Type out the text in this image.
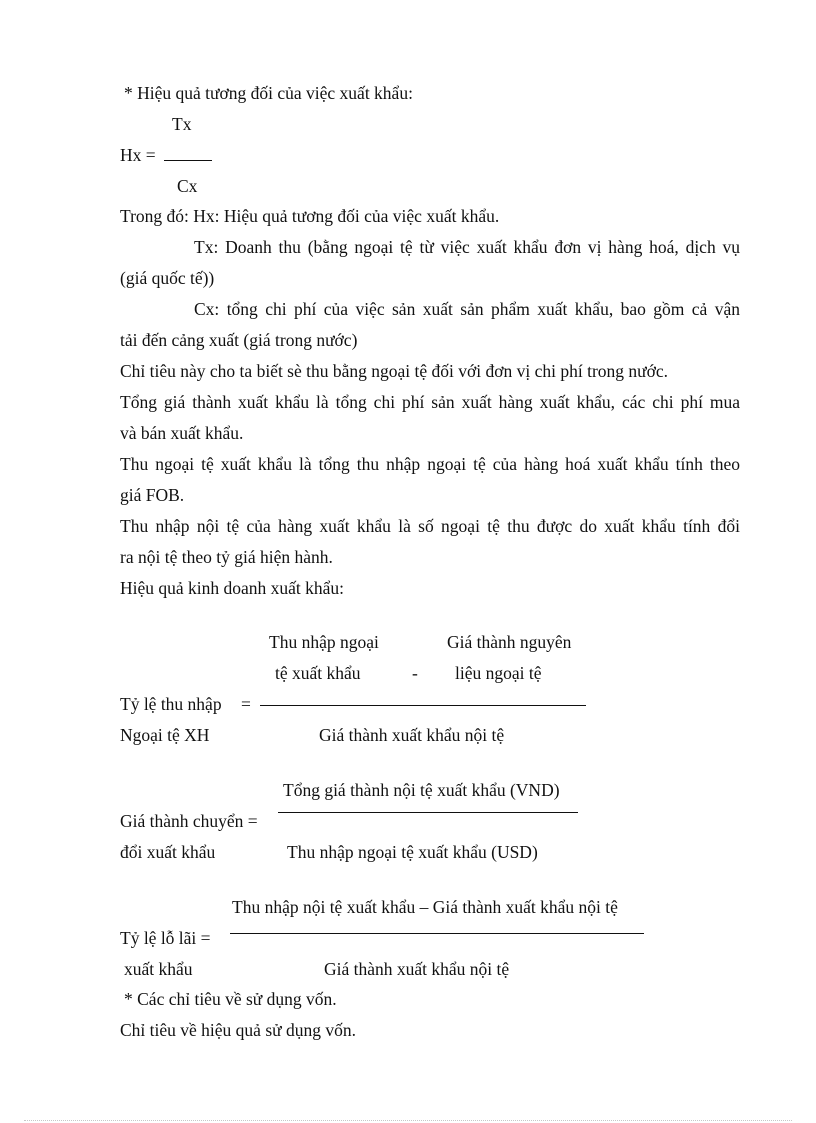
* Hiệu quả tương đối của việc xuất khẩu:
Tx
Hx =
Cx
Trong đó: Hx: Hiệu quả tương đối của việc xuất khẩu.
Tx: Doanh thu (bằng ngoại tệ từ việc xuất khẩu đơn vị hàng hoá, dịch vụ
(giá quốc tế))
Cx: tổng chi phí của việc sản xuất sản phẩm xuất khẩu, bao gồm cả vận
tải đến cảng xuất (giá trong nước)
Chỉ tiêu này cho ta biết sè thu bằng ngoại tệ đối với đơn vị chi phí trong nước.
Tổng giá thành xuất khẩu là tổng chi phí sản xuất hàng xuất khẩu, các chi phí mua
và bán xuất khẩu.
Thu ngoại tệ xuất khẩu là tổng thu nhập ngoại tệ của hàng hoá xuất khẩu tính theo
giá FOB.
Thu nhập nội tệ của hàng xuất khẩu là số ngoại tệ thu được do xuất khẩu tính đổi
ra nội tệ theo tỷ giá hiện hành.
Hiệu quả kinh doanh xuất khẩu:
Thu nhập ngoại	Giá thành nguyên
tệ xuất khẩu	- liệu ngoại tệ
Tỷ lệ thu nhập =
Ngoại tệ XH	Giá thành xuất khẩu nội tệ
Tổng giá thành nội tệ xuất khẩu (VND)
Giá thành chuyển =
đổi xuất khẩu	Thu nhập ngoại tệ xuất khẩu (USD)
Thu nhập nội tệ xuất khẩu – Giá thành xuất khẩu nội tệ
Tỷ lệ lỗ lãi =
xuất khẩu	Giá thành xuất khẩu nội tệ
* Các chỉ tiêu về sử dụng vốn.
Chỉ tiêu về hiệu quả sử dụng vốn.
